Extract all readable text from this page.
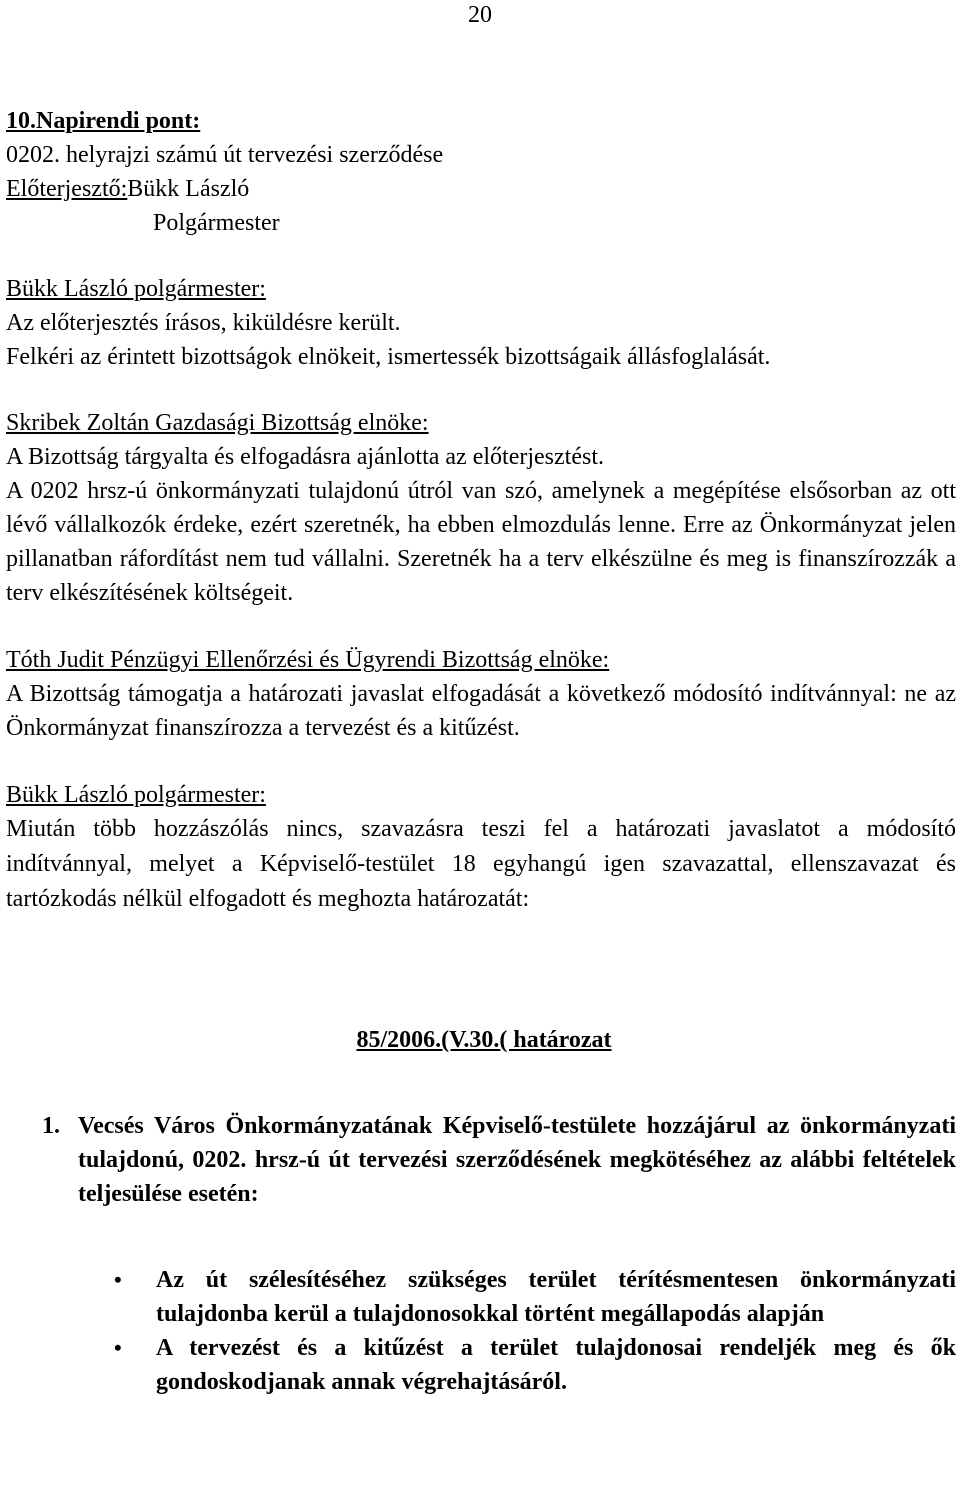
20
10.Napirendi pont:
0202. helyrajzi számú út tervezési szerződése
Előterjesztő:Bükk László
Polgármester
Bükk László polgármester:
Az előterjesztés írásos, kiküldésre került.
Felkéri az érintett bizottságok elnökeit, ismertessék bizottságaik állásfoglalását.
Skribek Zoltán Gazdasági Bizottság elnöke:
A Bizottság tárgyalta és elfogadásra ajánlotta az előterjesztést.
A 0202 hrsz-ú önkormányzati tulajdonú útról van szó, amelynek a megépítése elsősorban az ott lévő vállalkozók érdeke, ezért szeretnék, ha ebben elmozdulás lenne. Erre az Önkormányzat jelen pillanatban ráfordítást nem tud vállalni. Szeretnék ha a terv elkészülne és meg is finanszírozzák a terv elkészítésének költségeit.
Tóth Judit Pénzügyi Ellenőrzési és Ügyrendi Bizottság elnöke:
A Bizottság támogatja a határozati javaslat elfogadását a következő módosító indítvánnyal: ne az Önkormányzat finanszírozza a tervezést és a kitűzést.
Bükk László polgármester:
Miután több hozzászólás nincs, szavazásra teszi fel a határozati javaslatot a módosító indítvánnyal, melyet a Képviselő-testület 18 egyhangú igen szavazattal, ellenszavazat és tartózkodás nélkül elfogadott és meghozta határozatát:
85/2006.(V.30.( határozat
1. Vecsés Város Önkormányzatának Képviselő-testülete hozzájárul az önkormányzati tulajdonú, 0202. hrsz-ú út tervezési szerződésének megkötéséhez az alábbi feltételek teljesülése esetén:
•	Az út szélesítéséhez szükséges terület térítésmentesen önkormányzati tulajdonba kerül a tulajdonosokkal történt megállapodás alapján
•	A tervezést és a kitűzést a terület tulajdonosai rendeljék meg és ők gondoskodjanak annak végrehajtásáról.
